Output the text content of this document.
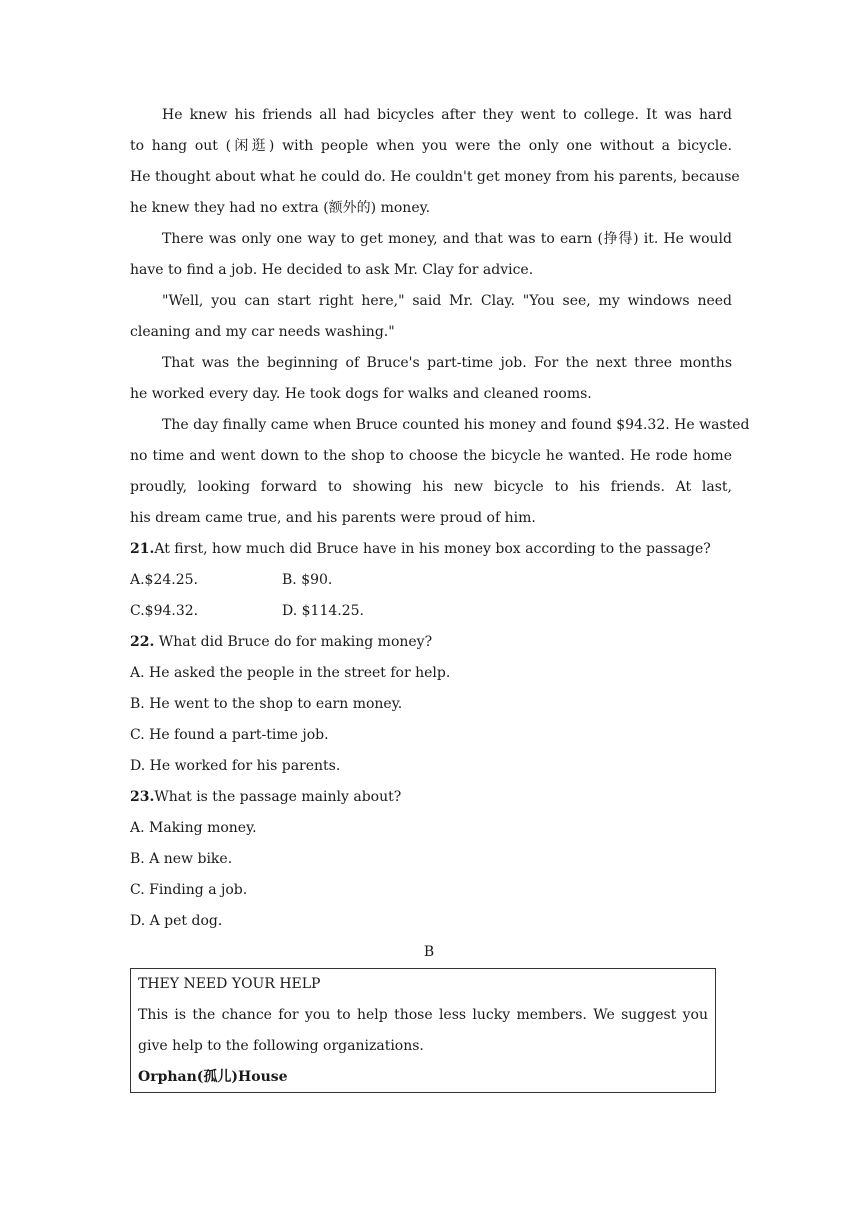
He knew his friends all had bicycles after they went to college. It was hard
to hang out (闲逛) with people when you were the only one without a bicycle.
He thought about what he could do. He couldn't get money from his parents, because
he knew they had no extra (额外的) money.
There was only one way to get money, and that was to earn (挣得) it. He would
have to find a job. He decided to ask Mr. Clay for advice.
"Well, you can start right here," said Mr. Clay. "You see, my windows need
cleaning and my car needs washing."
That was the beginning of Bruce's part-time job. For the next three months
he worked every day. He took dogs for walks and cleaned rooms.
The day finally came when Bruce counted his money and found $94.32. He wasted
no time and went down to the shop to choose the bicycle he wanted. He rode home
proudly, looking forward to showing his new bicycle to his friends. At last,
his dream came true, and his parents were proud of him.
21.At first, how much did Bruce have in his money box according to the passage?
A.$24.25.	B. $90.
C.$94.32.	D. $114.25.
22. What did Bruce do for making money?
A. He asked the people in the street for help.
B. He went to the shop to earn money.
C. He found a part-time job.
D. He worked for his parents.
23.What is the passage mainly about?
A. Making money.
B. A new bike.
C. Finding a job.
D. A pet dog.
B
THEY NEED YOUR HELP
This is the chance for you to help those less lucky members. We suggest you
give help to the following organizations.
Orphan(孤儿)House
